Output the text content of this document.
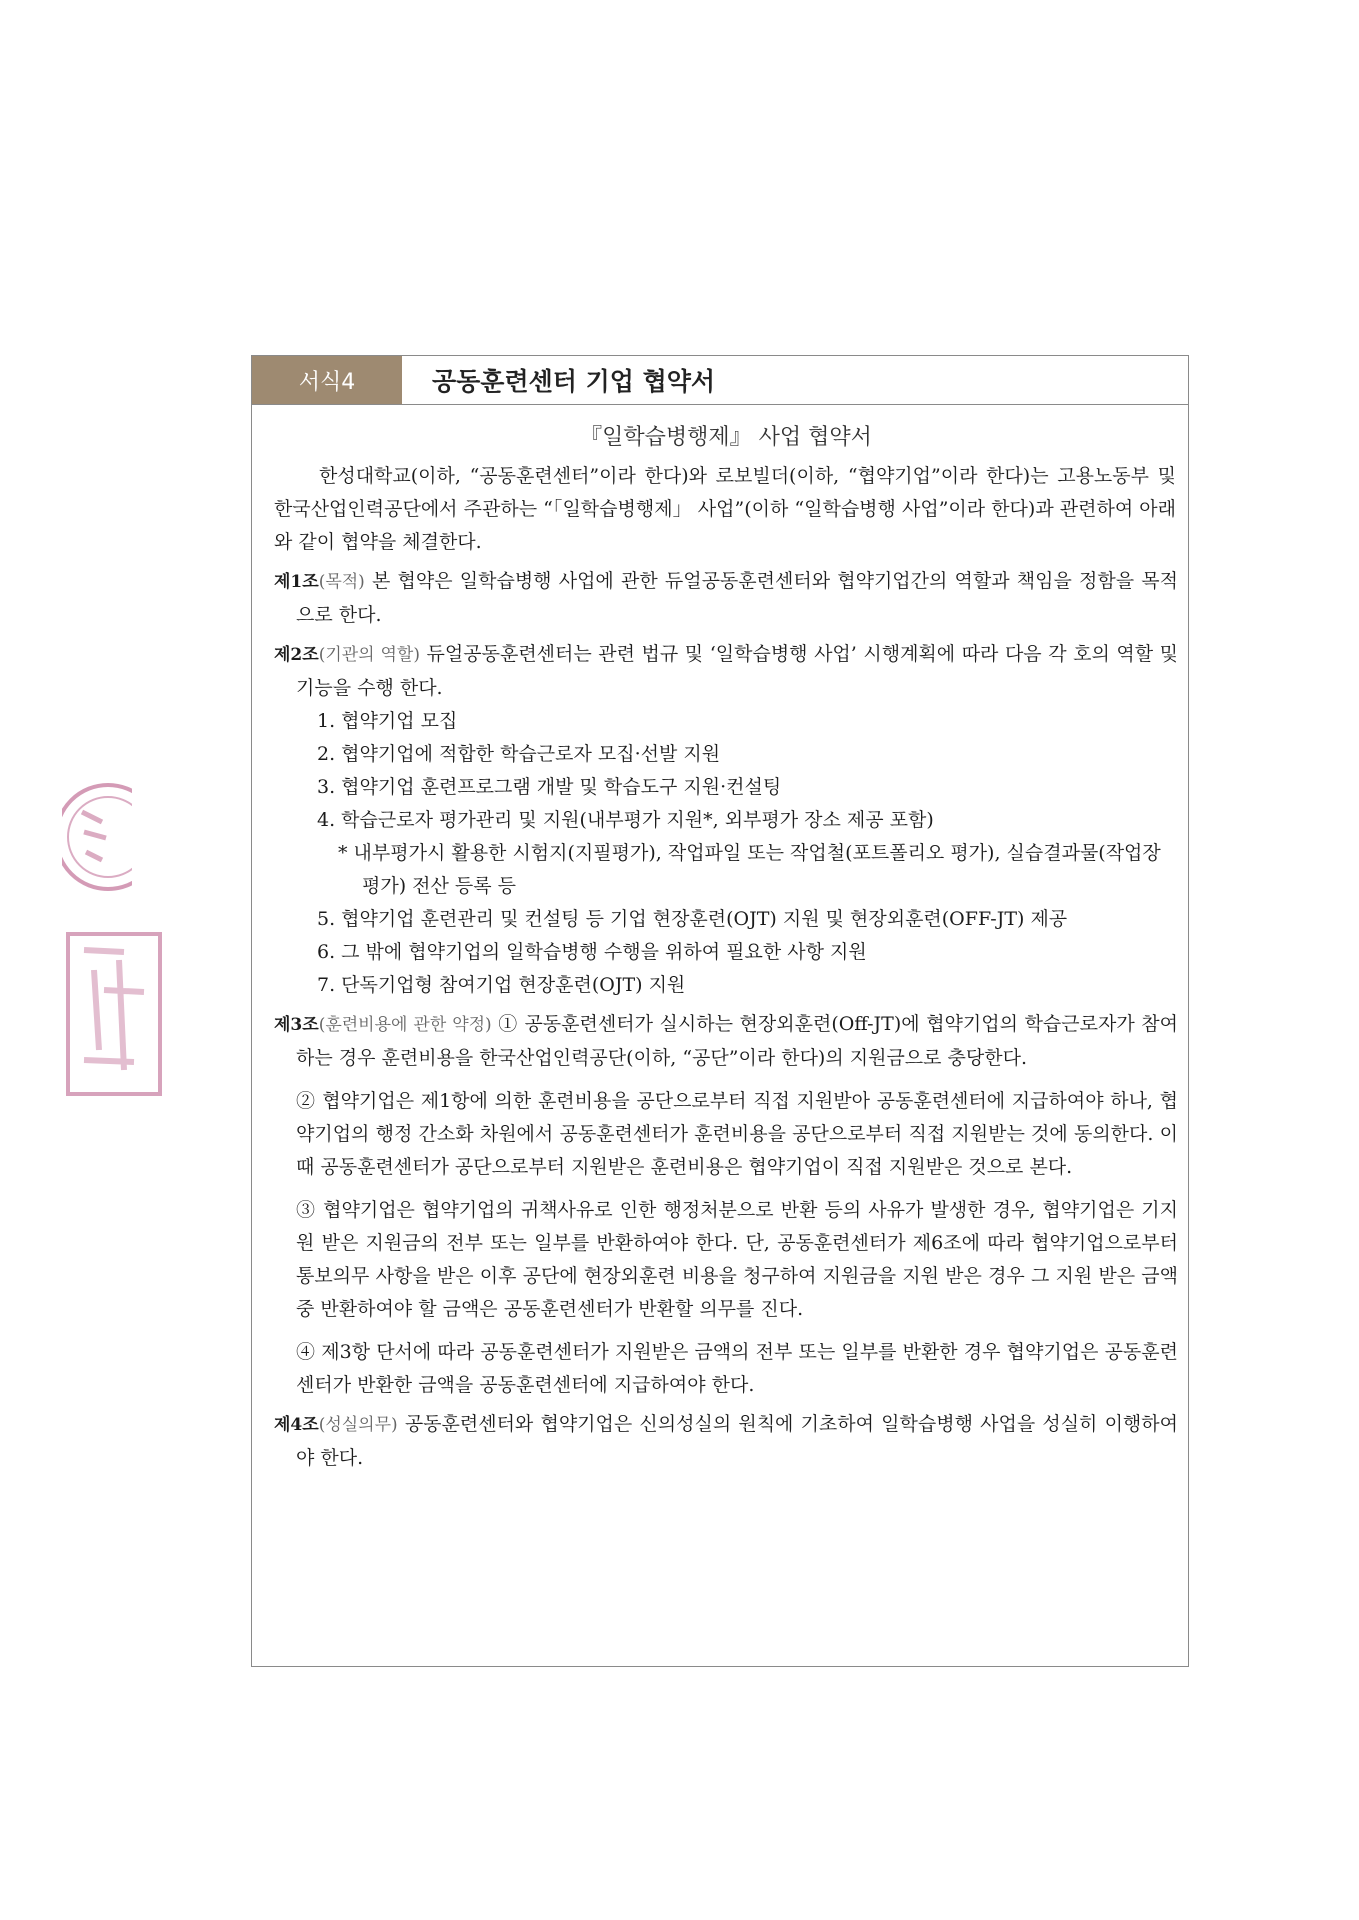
서식4	공동훈련센터 기업 협약서
『일학습병행제』 사업 협약서

한성대학교(이하, “공동훈련센터”이라 한다)와 로보빌더(이하, “협약기업”이라 한다)는 고용노동부 및 한국산업인력공단에서 주관하는 “「일학습병행제」 사업”(이하 “일학습병행 사업”이라 한다)과 관련하여 아래와 같이 협약을 체결한다.

제1조(목적) 본 협약은 일학습병행 사업에 관한 듀얼공동훈련센터와 협약기업간의 역할과 책임을 정함을 목적으로 한다.

제2조(기관의 역할) 듀얼공동훈련센터는 관련 법규 및 ‘일학습병행 사업’ 시행계획에 따라 다음 각 호의 역할 및 기능을 수행 한다.

1. 협약기업 모집
2. 협약기업에 적합한 학습근로자 모집·선발 지원
3. 협약기업 훈련프로그램 개발 및 학습도구 지원·컨설팅
4. 학습근로자 평가관리 및 지원(내부평가 지원*, 외부평가 장소 제공 포함)
* 내부평가시 활용한 시험지(지필평가), 작업파일 또는 작업철(포트폴리오 평가), 실습결과물(작업장 평가) 전산 등록 등
5. 협약기업 훈련관리 및 컨설팅 등 기업 현장훈련(OJT) 지원 및 현장외훈련(OFF-JT) 제공
6. 그 밖에 협약기업의 일학습병행 수행을 위하여 필요한 사항 지원
7. 단독기업형 참여기업 현장훈련(OJT) 지원

제3조(훈련비용에 관한 약정) ① 공동훈련센터가 실시하는 현장외훈련(Off-JT)에 협약기업의 학습근로자가 참여하는 경우 훈련비용을 한국산업인력공단(이하, “공단”이라 한다)의 지원금으로 충당한다.

② 협약기업은 제1항에 의한 훈련비용을 공단으로부터 직접 지원받아 공동훈련센터에 지급하여야 하나, 협약기업의 행정 간소화 차원에서 공동훈련센터가 훈련비용을 공단으로부터 직접 지원받는 것에 동의한다. 이 때 공동훈련센터가 공단으로부터 지원받은 훈련비용은 협약기업이 직접 지원받은 것으로 본다.

③ 협약기업은 협약기업의 귀책사유로 인한 행정처분으로 반환 등의 사유가 발생한 경우, 협약기업은 기지원 받은 지원금의 전부 또는 일부를 반환하여야 한다. 단, 공동훈련센터가 제6조에 따라 협약기업으로부터 통보의무 사항을 받은 이후 공단에 현장외훈련 비용을 청구하여 지원금을 지원 받은 경우 그 지원 받은 금액 중 반환하여야 할 금액은 공동훈련센터가 반환할 의무를 진다.

④ 제3항 단서에 따라 공동훈련센터가 지원받은 금액의 전부 또는 일부를 반환한 경우 협약기업은 공동훈련센터가 반환한 금액을 공동훈련센터에 지급하여야 한다.

제4조(성실의무) 공동훈련센터와 협약기업은 신의성실의 원칙에 기초하여 일학습병행 사업을 성실히 이행하여야 한다.
